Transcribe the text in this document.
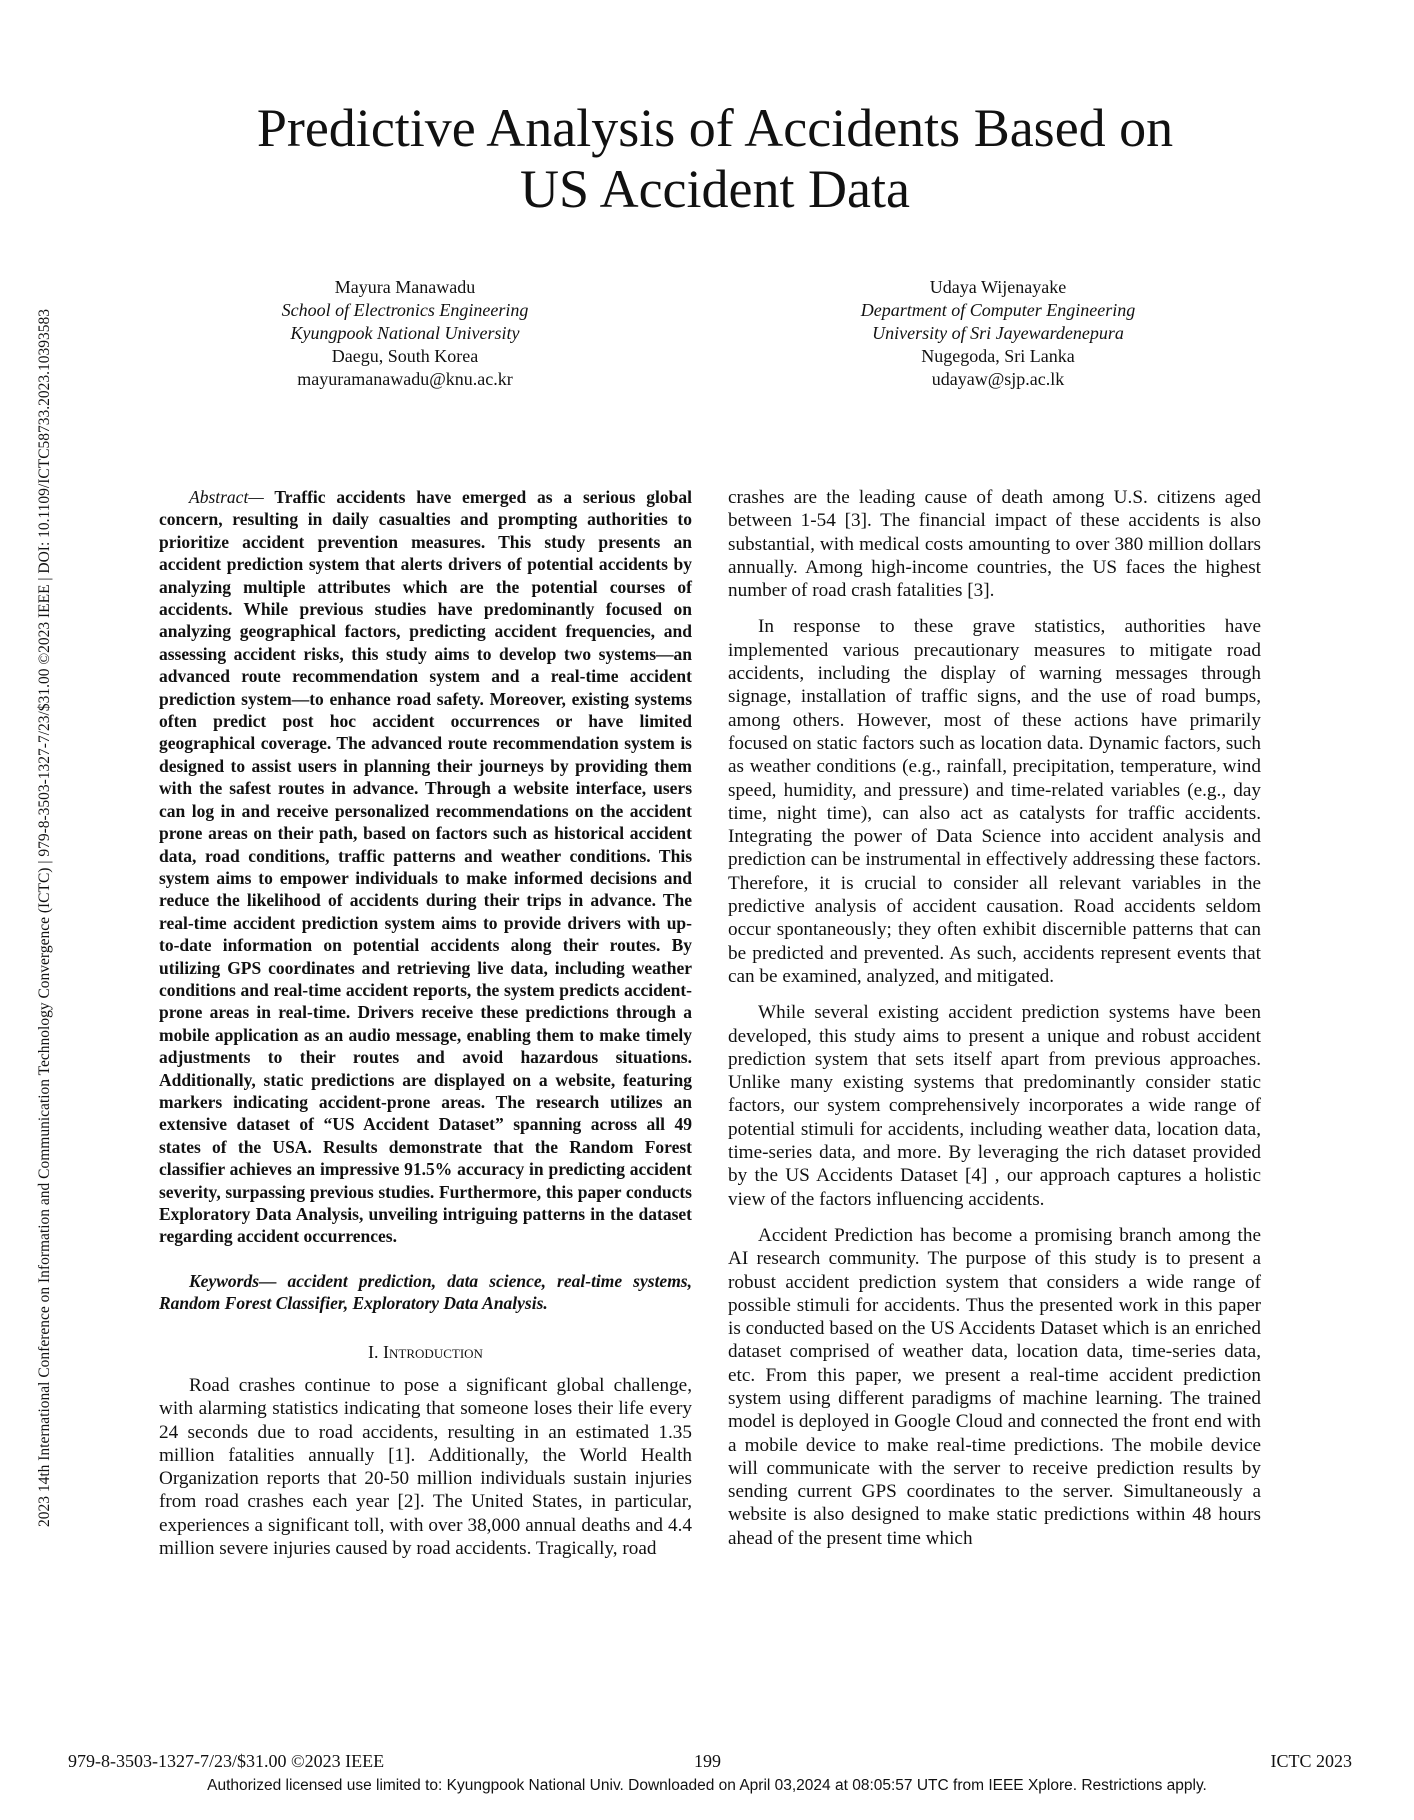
2023 14th International Conference on Information and Communication Technology Convergence (ICTC) | 979-8-3503-1327-7/23/$31.00 ©2023 IEEE | DOI: 10.1109/ICTC58733.2023.10393583
Predictive Analysis of Accidents Based on
US Accident Data
Mayura Manawadu
School of Electronics Engineering
Kyungpook National University
Daegu, South Korea
mayuramanawadu@knu.ac.kr
Udaya Wijenayake
Department of Computer Engineering
University of Sri Jayewardenepura
Nugegoda, Sri Lanka
udayaw@sjp.ac.lk

Abstract— Traffic accidents have emerged as a serious global concern, resulting in daily casualties and prompting authorities to prioritize accident prevention measures. This study presents an accident prediction system that alerts drivers of potential accidents by analyzing multiple attributes which are the potential courses of accidents. While previous studies have predominantly focused on analyzing geographical factors, predicting accident frequencies, and assessing accident risks, this study aims to develop two systems—an advanced route recommendation system and a real-time accident prediction system—to enhance road safety. Moreover, existing systems often predict post hoc accident occurrences or have limited geographical coverage. The advanced route recommendation system is designed to assist users in planning their journeys by providing them with the safest routes in advance. Through a website interface, users can log in and receive personalized recommendations on the accident prone areas on their path, based on factors such as historical accident data, road conditions, traffic patterns and weather conditions. This system aims to empower individuals to make informed decisions and reduce the likelihood of accidents during their trips in advance. The real-time accident prediction system aims to provide drivers with up-to-date information on potential accidents along their routes. By utilizing GPS coordinates and retrieving live data, including weather conditions and real-time accident reports, the system predicts accident-prone areas in real-time. Drivers receive these predictions through a mobile application as an audio message, enabling them to make timely adjustments to their routes and avoid hazardous situations. Additionally, static predictions are displayed on a website, featuring markers indicating accident-prone areas. The research utilizes an extensive dataset of “US Accident Dataset” spanning across all 49 states of the USA. Results demonstrate that the Random Forest classifier achieves an impressive 91.5% accuracy in predicting accident severity, surpassing previous studies. Furthermore, this paper conducts Exploratory Data Analysis, unveiling intriguing patterns in the dataset regarding accident occurrences.

Keywords— accident prediction, data science, real-time systems, Random Forest Classifier, Exploratory Data Analysis.

I. Introduction

Road crashes continue to pose a significant global challenge, with alarming statistics indicating that someone loses their life every 24 seconds due to road accidents, resulting in an estimated 1.35 million fatalities annually [1]. Additionally, the World Health Organization reports that 20-50 million individuals sustain injuries from road crashes each year [2]. The United States, in particular, experiences a significant toll, with over 38,000 annual deaths and 4.4 million severe injuries caused by road accidents. Tragically, road

crashes are the leading cause of death among U.S. citizens aged between 1-54 [3]. The financial impact of these accidents is also substantial, with medical costs amounting to over 380 million dollars annually. Among high-income countries, the US faces the highest number of road crash fatalities [3].

In response to these grave statistics, authorities have implemented various precautionary measures to mitigate road accidents, including the display of warning messages through signage, installation of traffic signs, and the use of road bumps, among others. However, most of these actions have primarily focused on static factors such as location data. Dynamic factors, such as weather conditions (e.g., rainfall, precipitation, temperature, wind speed, humidity, and pressure) and time-related variables (e.g., day time, night time), can also act as catalysts for traffic accidents. Integrating the power of Data Science into accident analysis and prediction can be instrumental in effectively addressing these factors. Therefore, it is crucial to consider all relevant variables in the predictive analysis of accident causation. Road accidents seldom occur spontaneously; they often exhibit discernible patterns that can be predicted and prevented. As such, accidents represent events that can be examined, analyzed, and mitigated.

While several existing accident prediction systems have been developed, this study aims to present a unique and robust accident prediction system that sets itself apart from previous approaches. Unlike many existing systems that predominantly consider static factors, our system comprehensively incorporates a wide range of potential stimuli for accidents, including weather data, location data, time-series data, and more. By leveraging the rich dataset provided by the US Accidents Dataset [4] , our approach captures a holistic view of the factors influencing accidents.

Accident Prediction has become a promising branch among the AI research community. The purpose of this study is to present a robust accident prediction system that considers a wide range of possible stimuli for accidents. Thus the presented work in this paper is conducted based on the US Accidents Dataset which is an enriched dataset comprised of weather data, location data, time-series data, etc. From this paper, we present a real-time accident prediction system using different paradigms of machine learning. The trained model is deployed in Google Cloud and connected the front end with a mobile device to make real-time predictions. The mobile device will communicate with the server to receive prediction results by sending current GPS coordinates to the server. Simultaneously a website is also designed to make static predictions within 48 hours ahead of the present time which

979-8-3503-1327-7/23/$31.00 ©2023 IEEE	199	ICTC 2023
Authorized licensed use limited to: Kyungpook National Univ. Downloaded on April 03,2024 at 08:05:57 UTC from IEEE Xplore. Restrictions apply.
